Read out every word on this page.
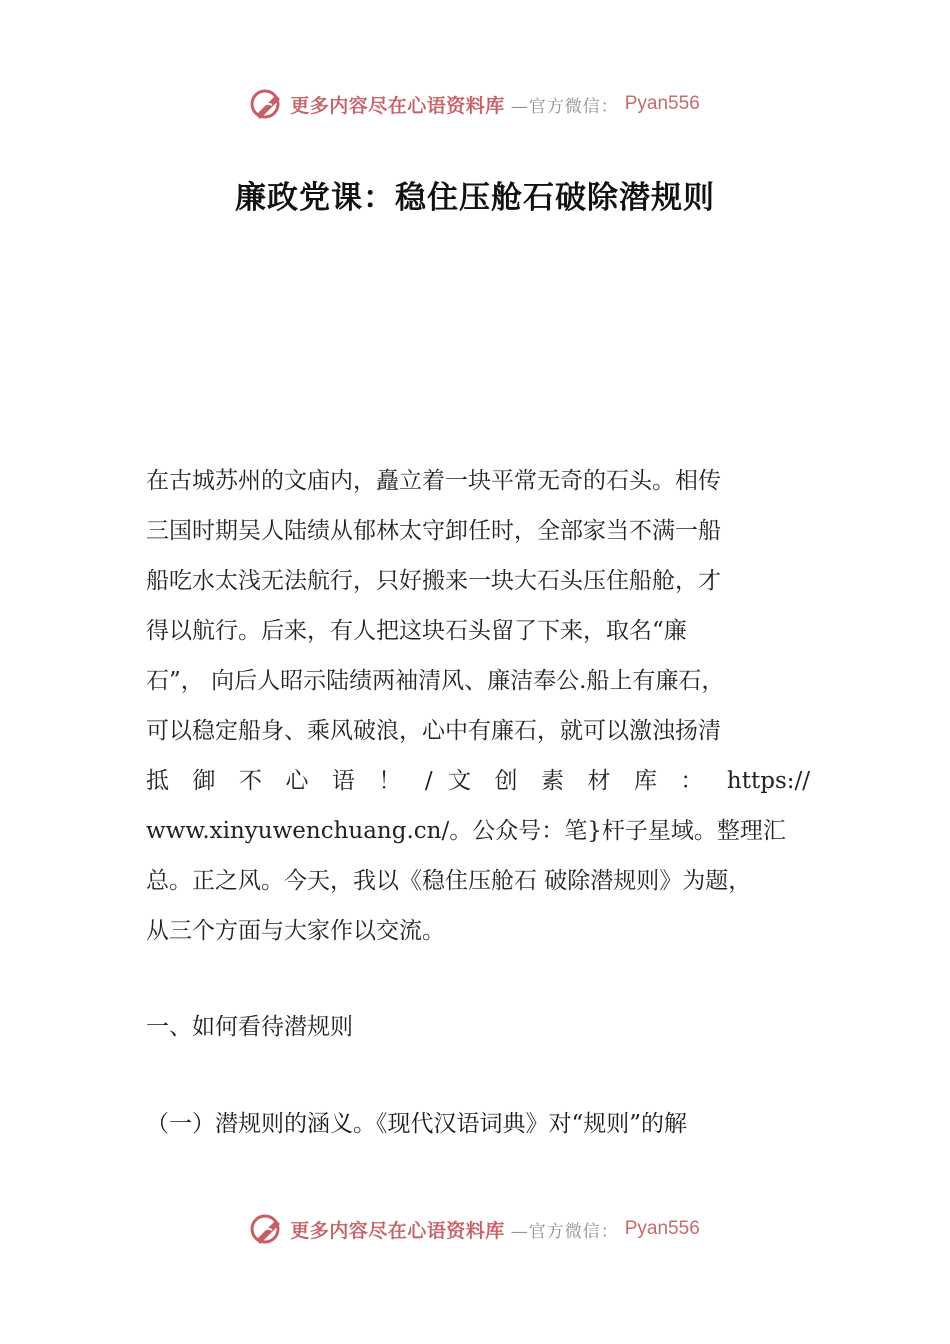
更多内容尽在心语资料库 —官方微信： Pyan556
廉政党课：稳住压舱石破除潜规则
在古城苏州的文庙内，矗立着一块平常无奇的石头。相传
三国时期吴人陆绩从郁林太守卸任时，全部家当不满一船
船吃水太浅无法航行，只好搬来一块大石头压住船舱，才
得以航行。后来，有人把这块石头留了下来，取名“廉
石”， 向后人昭示陆绩两袖清风、廉洁奉公.船上有廉石，
可以稳定船身、乘风破浪，心中有廉石，就可以激浊扬清
抵 御 不 心 语 ！ / 文 创 素 材 库 ： https://
www.xinyuwenchuang.cn/。公众号：笔}杆子星域。整理汇
总。正之风。今天，我以《稳住压舱石 破除潜规则》为题，
从三个方面与大家作以交流。
一、如何看待潜规则
（一）潜规则的涵义。《现代汉语词典》对“规则”的解
更多内容尽在心语资料库 —官方微信： Pyan556
